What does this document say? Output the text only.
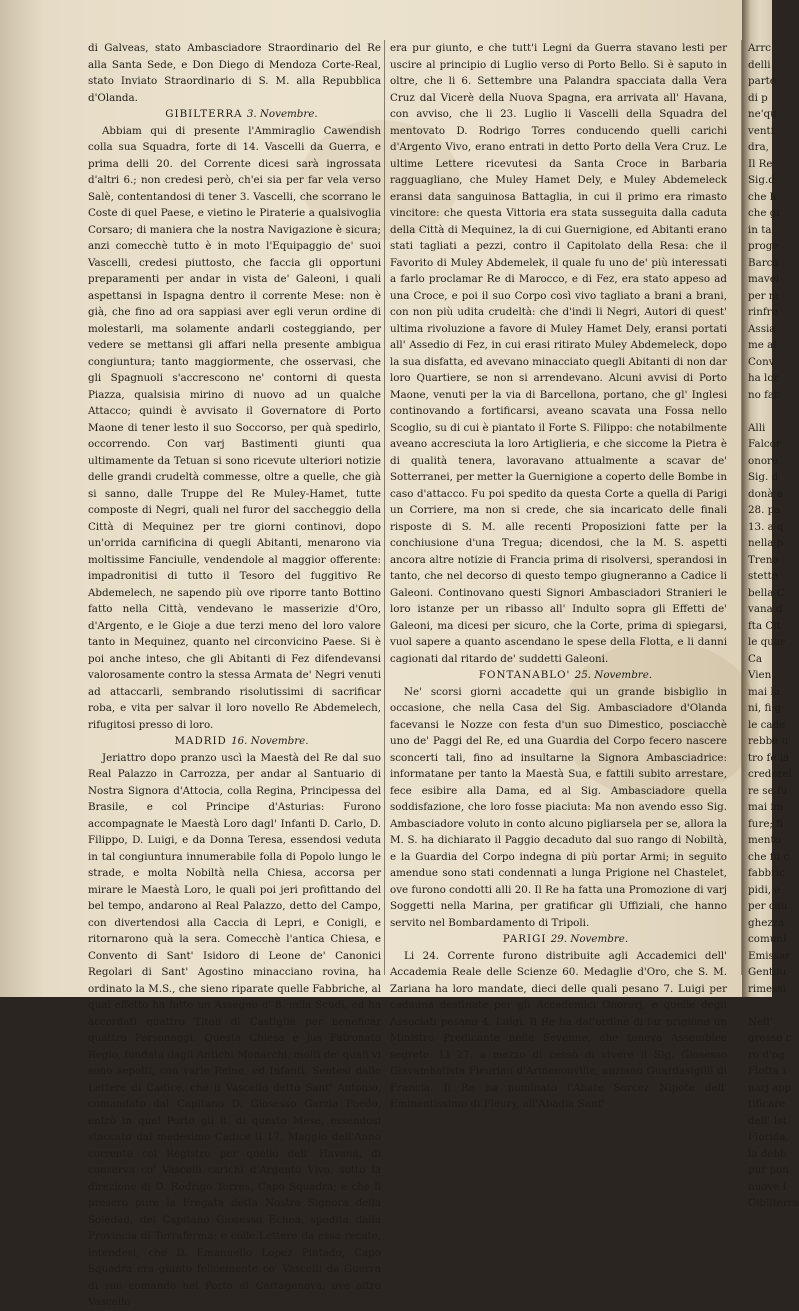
di Galveas, stato Ambasciadore Straordinario del Re alla Santa Sede, e Don Diego di Mendoza Corte-Real, stato Inviato Straordinario di S. M. alla Repubblica d'Olanda.

GIBILTERRA 3. Novembre.

Abbiam qui di presente l'Ammiraglio Cawendish colla sua Squadra, forte di 14. Vascelli da Guerra, e prima delli 20. del Corrente dicesi sarà ingrossata d'altri 6.; non credesi però, ch'ei sia per far vela verso Salè, contentandosi di tener 3. Vascelli, che scorrano le Coste di quel Paese, e vietino le Piraterie a qualsivoglia Corsaro; di maniera che la nostra Navigazione è sicura; anzi comecchè tutto è in moto l'Equipaggio de' suoi Vascelli, credesi piuttosto, che faccia gli opportuni preparamenti per andar in vista de' Galeoni, i quali aspettansi in Ispagna dentro il corrente Mese: non è già, che fino ad ora sappiasi aver egli verun ordine di molestarli, ma solamente andarli costeggiando, per vedere se mettansi gli affari nella presente ambigua congiuntura; tanto maggiormente, che osservasi, che gli Spagnuoli s'accrescono ne' contorni di questa Piazza, qualsisia mirino di nuovo ad un qualche Attacco; quindi è avvisato il Governatore di Porto Maone di tener lesto il suo Soccorso, per quà spedirlo, occorrendo. Con varj Bastimenti giunti qua ultimamente da Tetuan si sono ricevute ulteriori notizie delle grandi crudeltà commesse, oltre a quelle, che già si sanno, dalle Truppe del Re Muley-Hamet, tutte composte di Negri, quali nel furor del saccheggio della Città di Mequinez per tre giorni continovi, dopo un'orrida carnificina di quegli Abitanti, menarono via moltissime Fanciulle, vendendole al maggior offerente: impadronitisi di tutto il Tesoro del fuggitivo Re Abdemelech, ne sapendo più ove riporre tanto Bottino fatto nella Città, vendevano le masserizie d'Oro, d'Argento, e le Gioje a due terzi meno del loro valore tanto in Mequinez, quanto nel circonvicino Paese. Si è poi anche inteso, che gli Abitanti di Fez difendevansi valorosamente contro la stessa Armata de' Negri venuti ad attaccarli, sembrando risolutissimi di sacrificar roba, e vita per salvar il loro novello Re Abdemelech, rifugitosi presso di loro.

MADRID 16. Novembre.

Jeriattro dopo pranzo uscì la Maestà del Re dal suo Real Palazzo in Carrozza, per andar al Santuario di Nostra Signora d'Attocia, colla Regina, Principessa del Brasile, e col Principe d'Asturias: Furono accompagnate le Maestà Loro dagl' Infanti D. Carlo, D. Filippo, D. Luigi, e da Donna Teresa, essendosi veduta in tal congiuntura innumerabile folla di Popolo lungo le strade, e molta Nobiltà nella Chiesa, accorsa per mirare le Maestà Loro, le quali poi jeri profittando del bel tempo, andarono al Real Palazzo, detto del Campo, con divertendosi alla Caccia di Lepri, e Conigli, e ritornarono quà la sera. Comecchè l'antica Chiesa, e Convento di Sant' Isidoro di Leone de' Canonici Regolari di Sant' Agostino minacciano rovina, ha ordinato la M.S., che sieno riparate quelle Fabbriche, al qual effetto ha fatto un Assegno d' 8. mila Scudi, ed ha accordati quattro Titoli di Castiglia per beneficar quattro Personaggi. Questa Chiesa è jus Patronato Regio, fondata dagli Antichi Monarchi, molti de' quali vi sono sepolti, con varie Reine, ed Infanti. Sentesi dalle Lettere di Cadice, che il Vascello detto Sant' Antonio, comandato dal Capitano D. Giosesso Garzia Poedo, entrò in quel Porto gli 8. di questo Mese, essendosi staccato dal medesimo Cadice li 17. Maggio dell'Anno corrente col Registro per quello dell' Havana, di conserva co' Vascelli carichi d'Argento Vivo, sotto la direzione di D. Rodrigo Torres, Capo Squadra; e che lì presero pure la Fregata detta Nostra Signora della Soledad, del Capitano Giosesso Echea, spedita dalla Provincia di Terraferma; e colle Lettere da essa recate, intendesi, che D. Emanuello Lopez Pintado, Capo Squadra era giunto felicemente co' Vascelli da Guerra di suo comando nel Porto di Cartagenova, ove altro Vascello

era pur giunto, e che tutt'i Legni da Guerra stavano lesti per uscire al principio di Luglio verso di Porto Bello. Si è saputo in oltre, che li 6. Settembre una Palandra spacciata dalla Vera Cruz dal Vicerè della Nuova Spagna, era arrivata all' Havana, con avviso, che li 23. Luglio li Vascelli della Squadra del mentovato D. Rodrigo Torres conducendo quelli carichi d'Argento Vivo, erano entrati in detto Porto della Vera Cruz. Le ultime Lettere ricevutesi da Santa Croce in Barbaria ragguagliano, che Muley Hamet Dely, e Muley Abdemeleck eransi data sanguinosa Battaglia, in cui il primo era rimasto vincitore: che questa Vittoria era stata susseguita dalla caduta della Città di Mequinez, la di cui Guernigione, ed Abitanti erano stati tagliati a pezzi, contro il Capitolato della Resa: che il Favorito di Muley Abdemelek, il quale fu uno de' più interessati a farlo proclamar Re di Marocco, e di Fez, era stato appeso ad una Croce, e poi il suo Corpo così vivo tagliato a brani a brani, con non più udita crudeltà: che d'indi li Negri, Autori di quest' ultima rivoluzione a favore di Muley Hamet Dely, eransi portati all' Assedio di Fez, in cui erasi ritirato Muley Abdemeleck, dopo la sua disfatta, ed avevano minacciato quegli Abitanti di non dar loro Quartiere, se non si arrendevano. Alcuni avvisi di Porto Maone, venuti per la via di Barcellona, portano, che gl' Inglesi continovando a fortificarsi, aveano scavata una Fossa nello Scoglio, su di cui è piantato il Forte S. Filippo: che notabilmente aveano accresciuta la loro Artiglieria, e che siccome la Pietra è di qualità tenera, lavoravano attualmente a scavar de' Sotterranei, per metter la Guernigione a coperto delle Bombe in caso d'attacco. Fu poi spedito da questa Corte a quella di Parigi un Corriere, ma non si crede, che sia incaricato delle finali risposte di S. M. alle recenti Proposizioni fatte per la conchiusione d'una Tregua; dicendosi, che la M. S. aspetti ancora altre notizie di Francia prima di risolversi, sperandosi in tanto, che nel decorso di questo tempo giugneranno a Cadice li Galeoni. Continovano questi Signori Ambasciadori Stranieri le loro istanze per un ribasso all' Indulto sopra gli Effetti de' Galeoni, ma dicesi per sicuro, che la Corte, prima di spiegarsi, vuol sapere a quanto ascendano le spese della Flotta, e li danni cagionati dal ritardo de' suddetti Galeoni.

FONTANABLO' 25. Novembre.

Ne' scorsi giorni accadette qui un grande bisbiglio in occasione, che nella Casa del Sig. Ambasciadore d'Olanda facevansi le Nozze con festa d'un suo Dimestico, posciacchè uno de' Paggi del Re, ed una Guardia del Corpo fecero nascere sconcerti tali, fino ad insultarne la Signora Ambasciadrice: informatane per tanto la Maestà Sua, e fattili subito arrestare, fece esibire alla Dama, ed al Sig. Ambasciadore quella soddisfazione, che loro fosse piaciuta: Ma non avendo esso Sig. Ambasciadore voluto in conto alcuno pigliarsela per se, allora la M. S. ha dichiarato il Paggio decaduto dal suo rango di Nobiltà, e la Guardia del Corpo indegna di più portar Armi; in seguito amendue sono stati condennati a lunga Prigione nel Chastelet, ove furono condotti alli 20. Il Re ha fatta una Promozione di varj Soggetti nella Marina, per gratificar gli Uffiziali, che hanno servito nel Bombardamento di Tripoli.

PARIGI 29. Novembre.

Li 24. Corrente furono distribuite agli Accademici dell' Accademia Reale delle Scienze 60. Medaglie d'Oro, che S. M. Zariana ha loro mandate, dieci delle quali pesano 7. Luigi per cadauna destinate per gli Accademici Onorarj, e quelle degli Associati pesano 4. Luigi. Il Re ha dat'ordine di far prigione un Ministro Predicante nelle Sevenne, che teneva Assemblee segrete. Li 27. a mezzo di cessò di vivere il Sig. Giosesso Giavambatista Fleuriau d'Armenonville, anziano Guardasigilli di Francia. Il Re ha nominato l'Abate Sorcez Nipote dell' Eminentissimo di Fleury, all'Abadia Sant'

Arrc
delli
parte
di p
ne'qu
venti
dra,
Il Re
Sig.d
che h
che gi
in ta
proge
Barch
mavei
per m
rinfre
Assia
me al
Conv
ha lor
no far

Alli
Falcor
onore
Sig. d
donà a
28. pa
13. a q
nella p
Treno
stette
bella C
vana d
fta Cit
le quar
Ca
Vien
mai la
ni, fi g
le cade
rebbe u
tro fe la
crederel
re se fu
mai im
fure; fi
mento
che fu c
fabbric
pidi, e
per cau
ghezza
comuni
Emissar
Gentilu
rimessi

Nell'
gresso c
ro d'og
Flotta i
narj app
tificare
dell' Ist
Florida,
la debb
pur pon
nuove l
Gibilterra
